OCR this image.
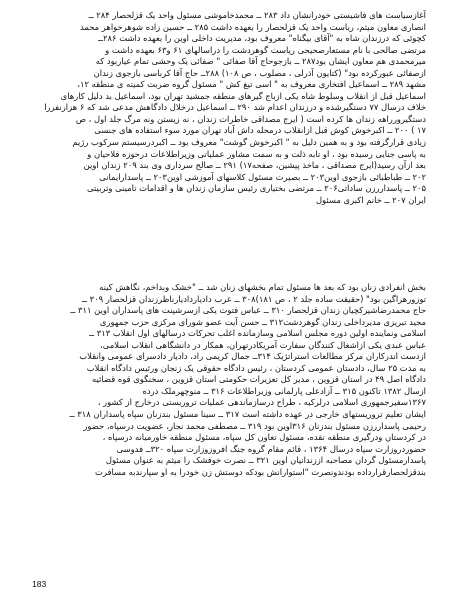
آغازسیاست های فاشیستی خودرانشان داد ۲۸۳ ــ محمدخاموشی مسئول واحد یک قزلحصار ۲۸۴ ــ
انصاری معاون میثم، ریاست واحد یک قزلحصار را بعهده داشت ۲۸۵ ــ حسین زاده شوهرخواهر محمد
کچوئی که درزندان شاه به "آقای بیگناه" معروف بود، مدیریت داخلی اوین را بعهده داشت ۲۸۶ــ
مرتضی صالحی با نام مستعارصحیحی ریاست گوهردشت را دراسالهای ۶۱ و۶۳ بعهده داشت و
میرمحمدی هم معاون ایشان بود۲۸۷ ــ بازجوحاج آقا صفائی " صفائی یک وحشی تمام عیاربود که
ازصفائی عبورکرده بود" (کتایون آذرلی ، مصلوب ، ص ۱۰۸) ۲۸۸ــ حاج آقا کرباسی بازجوی زندان
مشهد ۲۸۹ ــ اسماعیل افتخاری معروف به " اسی تیغ کش " مسئول گروه ضربت کمیته ی منطقه ۱۲،
اسماعیل قبل از انقلاب وسلوط شاه یکی ازباج گیرهای منطقه جمشید تهران بود، اسماعیل بد دلیل کارهای
خلاف درسال ۷۷ دستگیرشده و درزندان اعدام شد ۲۹۰ ــ اسماعیل درخلال دادگاهش مدعی شد که ۶ هزارنفررا
دستگیرورراهه زندان ها کرده است ( ایرج مصداقی خاطرات زندان ، نه زیستن ونه مرگ جلد اول ، ص
۱۷ ) ۲۰۰ ــ اکبرخوش کوش قبل ازانقلاب درمحله داش آباد تهران مورد سوء استفاده های جنسی
زیادی قرارگرفته بود و به همین دلیل به " اکبرخوش گوشت" معروف بود ــ اکبردرسیستم سرکوب رژیم
به پاسی جنایی رسیده بود ، او تابه ذلت و به سمت مشاور عملیاتی وزیراطلاعات درحوزه فلاحیان و
بعد ازآن رسید(ایرج مصداقی ، ماخذ پیشین، صفحه۱۷) ۲۹۱ ــ صالح سرداری وی بند ۲۰۹ زندان اوین
۲۰۲ ــ طباطبائی بازجوی اوین۲۰۳ ــ بصیرت مسئول کلاسهای آموزشی اوین۲۰۳ ــ پاسدارایمانی
۲۰۵ ــ پاسداررزن ساداتی۲۰۶ ــ مرتضی بختیاری رئیس سازمان زندان ها و اقدامات تامینی وتربیتی
ایران ۲۰۷ ــ خانم اکبری مسئول
بخش انفرادی زنان بود که بعد ها مسئول تمام بخشهای زنان شد ــ "خشک وبداخم، نگاهش کینه
توزورهراگین بود" (حقیقت ساده جلد ۲ ، ص ۱۸۱)۳۰۸ ــ عرب دادیاردادیارناظرزندان قزلحصار ۳۰۹ ــ
حاج محمدرضاشیرکچیان زندان قزلحصار ۳۱۰ ــ عباس فتوت یکی ازسرشپنت های پاسداران اوین ۳۱۱ ــ
مجید تبریزی مدیرداخلی زندان گوهردشت۳۱۲ ــ حسن آیت عضو شورای مرکزی حزب جمهوری
اسلامی ونماینده اولین دوره مجلس اسلامی وسازمانده اغلب تحرکات درسالهای اول انقلاب ۳۱۳ ــ
عباس عبدی یکی ازاشغال کنندگان سفارت آمریکادرتهران، همکار در دانشگاهی انقلاب اسلامی،
ازدست اندرکاران مرکز مطالعات استراتژیک ۳۱۴ــ جمال کریمی راد، دادیار دادسرای عمومی وانقلاب
به مدت ۲۵ سال، دادستان عمومی کردستان ، رئیس دادگاه حقوقی یک زنجان ورئیس دادگاه انقلاب
دادگاه اصل ۴۹ در استان قزوین ، مدیر کل تعزیرات حکومتی استان قزوین ، سخنگوی قوه قضائیه
ازسال ۱۳۸۲ تاکنون ۳۱۵ ــ آزادعلی پارلمانی وزیراطلاعات ۳۱۶ ــ منوچهرملک درده
۱۳۶۷سفیرجمهوری اسلامی درلرکیه ، طراح درسازماندهی عملیات تروریستی درخارج از کشور ،
ایشان تعلیم تروریستهای خارجی در عهده داشته است ۳۱۷ ــ سینا مسئول بندزنان سپاه پاسداران ۳۱۸ ــ
رحیمی پاسداررزن مسئول بندزنان ۳۱۶اوین بود ۳۱۹ ــ مصطفی محمد نجار، عضویت درسپاه، حضور
در کردستان ودرگیری منطقه نقده، مسئول تعاون کل سپاه، مسئول منطقه خاورمیانه درسپاه ،
حضوردروزارت سپاه درسال ۱۳۶۴ ، قائم مقام گروه جنگ افروزوزارت سپاه ۳۲۰ــ فدوسی
پاسدارمسئول گردان مصاحبه اززندانیان اوین ۳۲۱ ــ نصرت خوفشک را میثم به عنوان مسئول
بندقزلحصارقرارداده بودندونصرت "استوارانش بودکه دوستش زن خودرا به او سپارندبه مسافرت
183
